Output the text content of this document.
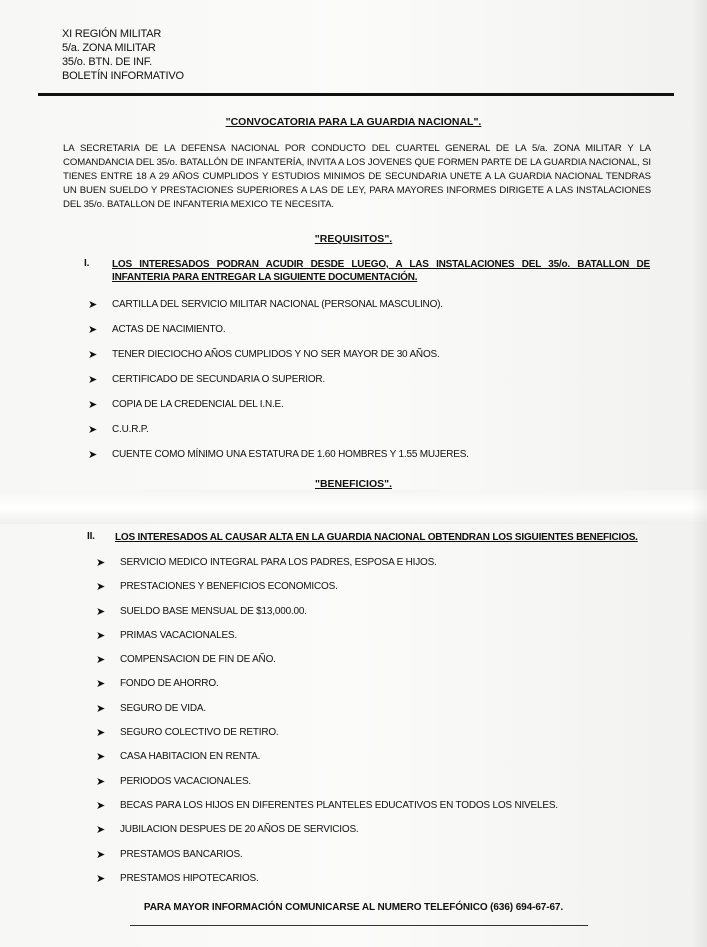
XI REGIÓN MILITAR
5/a. ZONA MILITAR
35/o. BTN. DE INF.
BOLETÍN INFORMATIVO
"CONVOCATORIA PARA LA GUARDIA NACIONAL".
LA SECRETARIA DE LA DEFENSA NACIONAL POR CONDUCTO DEL CUARTEL GENERAL DE LA 5/a. ZONA MILITAR Y LA COMANDANCIA DEL 35/o. BATALLÓN DE INFANTERÍA, INVITA A LOS JOVENES QUE FORMEN PARTE DE LA GUARDIA NACIONAL, SI TIENES ENTRE 18 A 29 AÑOS CUMPLIDOS Y ESTUDIOS MINIMOS DE SECUNDARIA UNETE A LA GUARDIA NACIONAL TENDRAS UN BUEN SUELDO Y PRESTACIONES SUPERIORES A LAS DE LEY, PARA MAYORES INFORMES DIRIGETE A LAS INSTALACIONES DEL 35/o. BATALLON DE INFANTERIA MEXICO TE NECESITA.
"REQUISITOS".
I. LOS INTERESADOS PODRAN ACUDIR DESDE LUEGO, A LAS INSTALACIONES DEL 35/o. BATALLON DE INFANTERIA PARA ENTREGAR LA SIGUIENTE DOCUMENTACIÓN.
➤ CARTILLA DEL SERVICIO MILITAR NACIONAL (PERSONAL MASCULINO).
➤ ACTAS DE NACIMIENTO.
➤ TENER DIECIOCHO AÑOS CUMPLIDOS Y NO SER MAYOR DE 30 AÑOS.
➤ CERTIFICADO DE SECUNDARIA O SUPERIOR.
➤ COPIA DE LA CREDENCIAL DEL I.N.E.
➤ C.U.R.P.
➤ CUENTE COMO MÍNIMO UNA ESTATURA DE 1.60 HOMBRES Y 1.55 MUJERES.
"BENEFICIOS".
II. LOS INTERESADOS AL CAUSAR ALTA EN LA GUARDIA NACIONAL OBTENDRAN LOS SIGUIENTES BENEFICIOS.
➤ SERVICIO MEDICO INTEGRAL PARA LOS PADRES, ESPOSA E HIJOS.
➤ PRESTACIONES Y BENEFICIOS ECONOMICOS.
➤ SUELDO BASE MENSUAL DE $13,000.00.
➤ PRIMAS VACACIONALES.
➤ COMPENSACION DE FIN DE AÑO.
➤ FONDO DE AHORRO.
➤ SEGURO DE VIDA.
➤ SEGURO COLECTIVO DE RETIRO.
➤ CASA HABITACION EN RENTA.
➤ PERIODOS VACACIONALES.
➤ BECAS PARA LOS HIJOS EN DIFERENTES PLANTELES EDUCATIVOS EN TODOS LOS NIVELES.
➤ JUBILACION DESPUES DE 20 AÑOS DE SERVICIOS.
➤ PRESTAMOS BANCARIOS.
➤ PRESTAMOS HIPOTECARIOS.
PARA MAYOR INFORMACIÓN COMUNICARSE AL NUMERO TELEFÓNICO (636) 694-67-67.
